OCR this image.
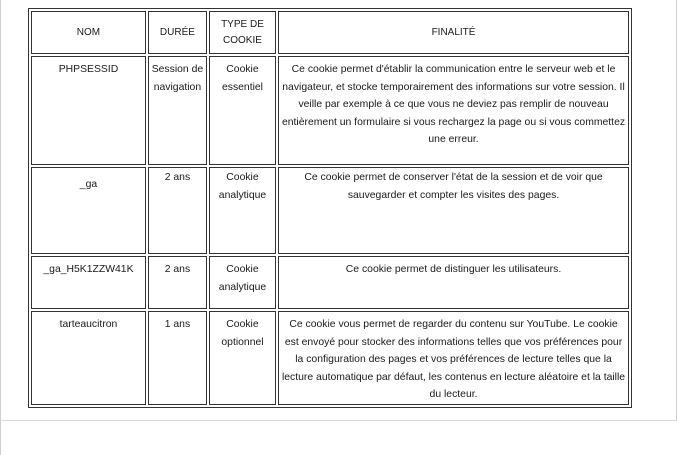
NOM	DURÉE	TYPE DE COOKIE	FINALITÉ

PHPSESSID	Session de navigation	Cookie essentiel	Ce cookie permet d'établir la communication entre le serveur web et le navigateur, et stocke temporairement des informations sur votre session. Il veille par exemple à ce que vous ne deviez pas remplir de nouveau entièrement un formulaire si vous rechargez la page ou si vous commettez une erreur.

_ga	2 ans	Cookie analytique	Ce cookie permet de conserver l'état de la session et de voir que sauvegarder et compter les visites des pages.

_ga_H5K1ZZW41K	2 ans	Cookie analytique	Ce cookie permet de distinguer les utilisateurs.

tarteaucitron	1 ans	Cookie optionnel	Ce cookie vous permet de regarder du contenu sur YouTube. Le cookie est envoyé pour stocker des informations telles que vos préférences pour la configuration des pages et vos préférences de lecture telles que la lecture automatique par défaut, les contenus en lecture aléatoire et la taille du lecteur.
